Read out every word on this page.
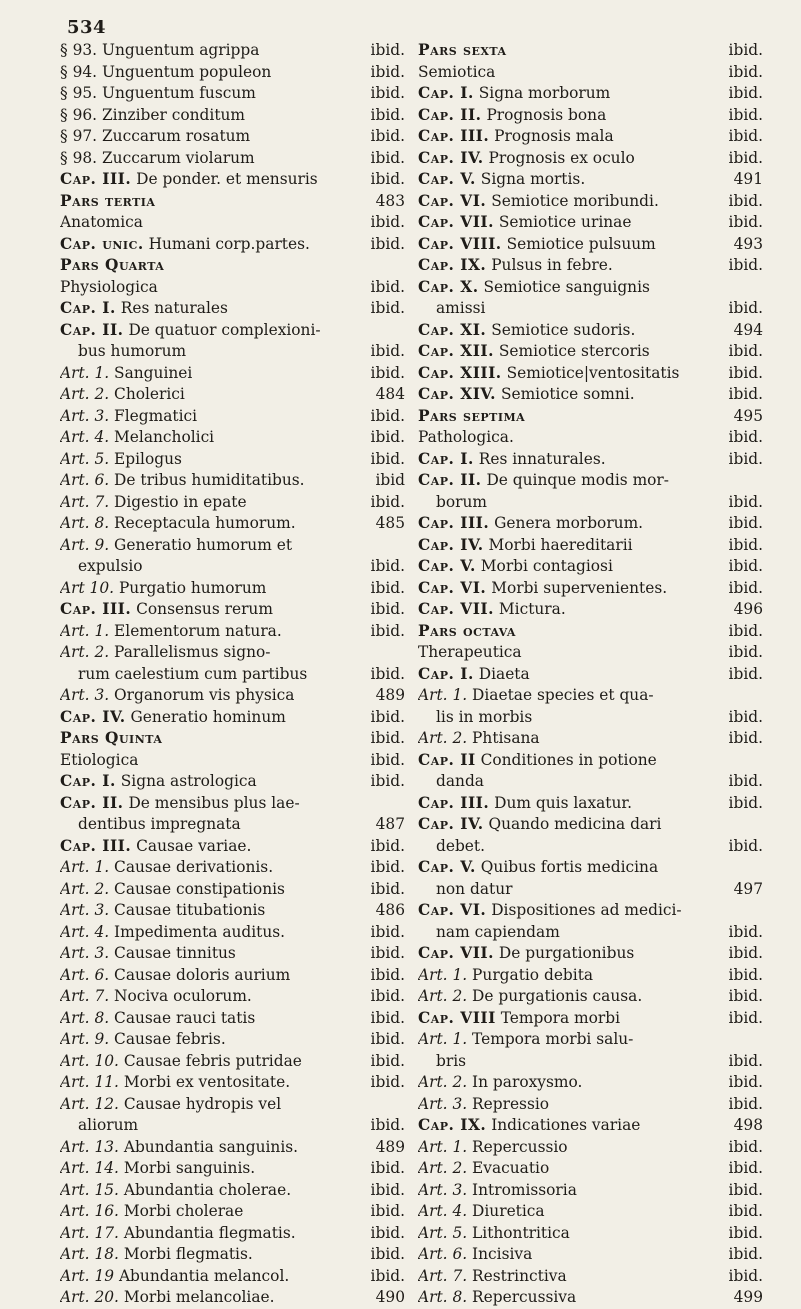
534
ibid.
§ 93. Unguentum agrippa
ibid.
§ 94. Unguentum populeon
ibid.
§ 95. Unguentum fuscum
ibid.
§ 96. Zinziber conditum
ibid.
§ 97. Zuccarum rosatum
ibid.
§ 98. Zuccarum violarum
ibid.
Cap. III. De ponder. et mensuris
483
Pars tertia
ibid.
Anatomica
ibid.
Cap. unic. Humani corp.partes.
Pars Quarta
ibid.
Physiologica
ibid.
Cap. I. Res naturales
Cap. II. De quatuor complexioni-
ibid.
bus humorum
ibid.
Art. 1. Sanguinei
484
Art. 2. Cholerici
ibid.
Art. 3. Flegmatici
ibid.
Art. 4. Melancholici
ibid.
Art. 5. Epilogus
ibid
Art. 6. De tribus humiditatibus.
ibid.
Art. 7. Digestio in epate
485
Art. 8. Receptacula humorum.
Art. 9. Generatio humorum et
ibid.
expulsio
ibid.
Art 10. Purgatio humorum
ibid.
Cap. III. Consensus rerum
ibid.
Art. 1. Elementorum natura.
Art. 2. Parallelismus signo-
ibid.
rum caelestium cum partibus
489
Art. 3. Organorum vis physica
ibid.
Cap. IV. Generatio hominum
ibid.
Pars Quinta
ibid.
Etiologica
ibid.
Cap. I. Signa astrologica
Cap. II. De mensibus plus lae-
487
dentibus impregnata
ibid.
Cap. III. Causae variae.
ibid.
Art. 1. Causae derivationis.
ibid.
Art. 2. Causae constipationis
486
Art. 3. Causae titubationis
ibid.
Art. 4. Impedimenta auditus.
ibid.
Art. 3. Causae tinnitus
ibid.
Art. 6. Causae doloris aurium
ibid.
Art. 7. Nociva oculorum.
ibid.
Art. 8. Causae rauci tatis
ibid.
Art. 9. Causae febris.
ibid.
Art. 10. Causae febris putridae
ibid.
Art. 11. Morbi ex ventositate.
Art. 12. Causae hydropis vel
ibid.
aliorum
489
Art. 13. Abundantia sanguinis.
ibid.
Art. 14. Morbi sanguinis.
ibid.
Art. 15. Abundantia cholerae.
ibid.
Art. 16. Morbi cholerae
ibid.
Art. 17. Abundantia flegmatis.
ibid.
Art. 18. Morbi flegmatis.
ibid.
Art. 19 Abundantia melancol.
490
Art. 20. Morbi melancoliae.
ibid.
Pars sexta
ibid.
Semiotica
ibid.
Cap. I. Signa morborum
ibid.
Cap. II. Prognosis bona
ibid.
Cap. III. Prognosis mala
ibid.
Cap. IV. Prognosis ex oculo
491
Cap. V. Signa mortis.
ibid.
Cap. VI. Semiotice moribundi.
ibid.
Cap. VII. Semiotice urinae
493
Cap. VIII. Semiotice pulsuum
ibid.
Cap. IX. Pulsus in febre.
Cap. X. Semiotice sanguignis
ibid.
amissi
494
Cap. XI. Semiotice sudoris.
ibid.
Cap. XII. Semiotice stercoris
ibid.
Cap. XIII. Semiotice|ventositatis
ibid.
Cap. XIV. Semiotice somni.
495
Pars septima
ibid.
Pathologica.
ibid.
Cap. I. Res innaturales.
Cap. II. De quinque modis mor-
ibid.
borum
ibid.
Cap. III. Genera morborum.
ibid.
Cap. IV. Morbi haereditarii
ibid.
Cap. V. Morbi contagiosi
ibid.
Cap. VI. Morbi supervenientes.
496
Cap. VII. Mictura.
ibid.
Pars octava
ibid.
Therapeutica
ibid.
Cap. I. Diaeta
Art. 1. Diaetae species et qua-
ibid.
lis in morbis
ibid.
Art. 2. Phtisana
Cap. II Conditiones in potione
ibid.
danda
ibid.
Cap. III. Dum quis laxatur.
Cap. IV. Quando medicina dari
ibid.
debet.
Cap. V. Quibus fortis medicina
497
non datur
Cap. VI. Dispositiones ad medici-
ibid.
nam capiendam
ibid.
Cap. VII. De purgationibus
ibid.
Art. 1. Purgatio debita
ibid.
Art. 2. De purgationis causa.
ibid.
Cap. VIII Tempora morbi
Art. 1. Tempora morbi salu-
ibid.
bris
ibid.
Art. 2. In paroxysmo.
ibid.
Art. 3. Repressio
498
Cap. IX. Indicationes variae
ibid.
Art. 1. Repercussio
ibid.
Art. 2. Evacuatio
ibid.
Art. 3. Intromissoria
ibid.
Art. 4. Diuretica
ibid.
Art. 5. Lithontritica
ibid.
Art. 6. Incisiva
ibid.
Art. 7. Restrinctiva
499
Art. 8. Repercussiva
